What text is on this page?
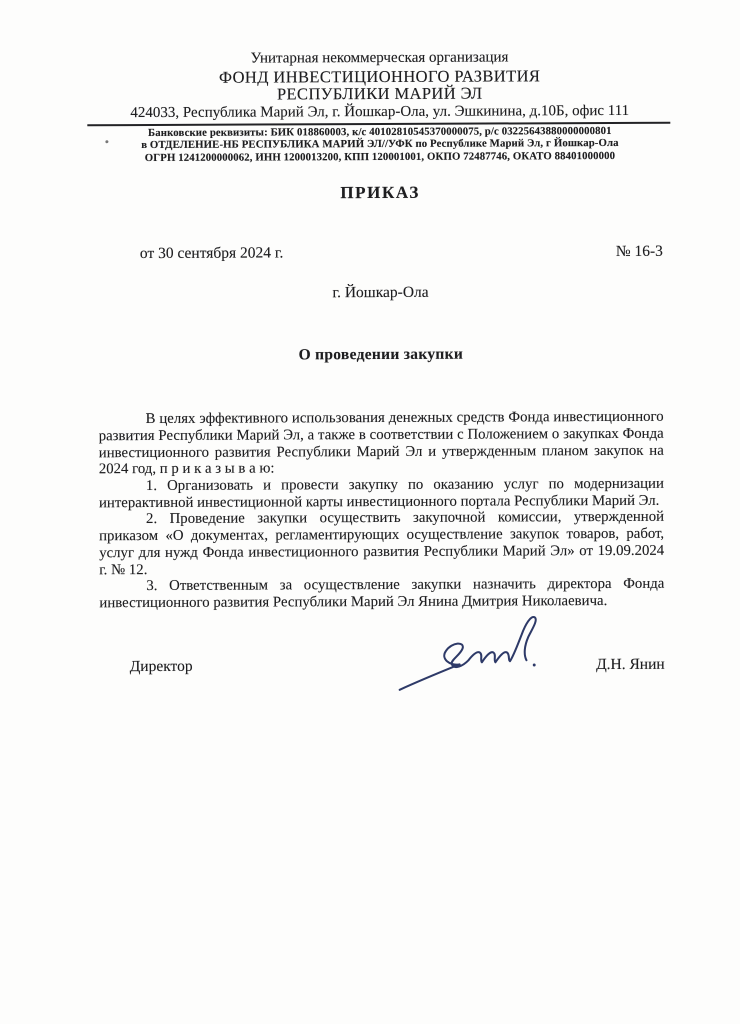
Унитарная некоммерческая организация
ФОНД ИНВЕСТИЦИОННОГО РАЗВИТИЯ
РЕСПУБЛИКИ МАРИЙ ЭЛ
424033, Республика Марий Эл, г. Йошкар-Ола, ул. Эшкинина, д.10Б, офис 111
Банковские реквизиты: БИК 018860003, к/с 40102810545370000075, р/с 03225643880000000801
в ОТДЕЛЕНИЕ-НБ РЕСПУБЛИКА МАРИЙ ЭЛ//УФК по Республике Марий Эл, г Йошкар-Ола
ОГРН 1241200000062, ИНН 1200013200, КПП 120001001, ОКПО 72487746, ОКАТО 88401000000
ПРИКАЗ
от 30 сентября 2024 г.	№ 16-3
г. Йошкар-Ола
О проведении закупки

В целях эффективного использования денежных средств Фонда инвестиционного развития Республики Марий Эл, а также в соответствии с Положением о закупках Фонда инвестиционного развития Республики Марий Эл и утвержденным планом закупок на 2024 год, п р и к а з ы в а ю:

1. Организовать и провести закупку по оказанию услуг по модернизации интерактивной инвестиционной карты инвестиционного портала Республики Марий Эл.

2. Проведение закупки осуществить закупочной комиссии, утвержденной приказом «О документах, регламентирующих осуществление закупок товаров, работ, услуг для нужд Фонда инвестиционного развития Республики Марий Эл» от 19.09.2024 г. № 12.

3. Ответственным за осуществление закупки назначить директора Фонда инвестиционного развития Республики Марий Эл Янина Дмитрия Николаевича.

Директор	Д.Н. Янин
